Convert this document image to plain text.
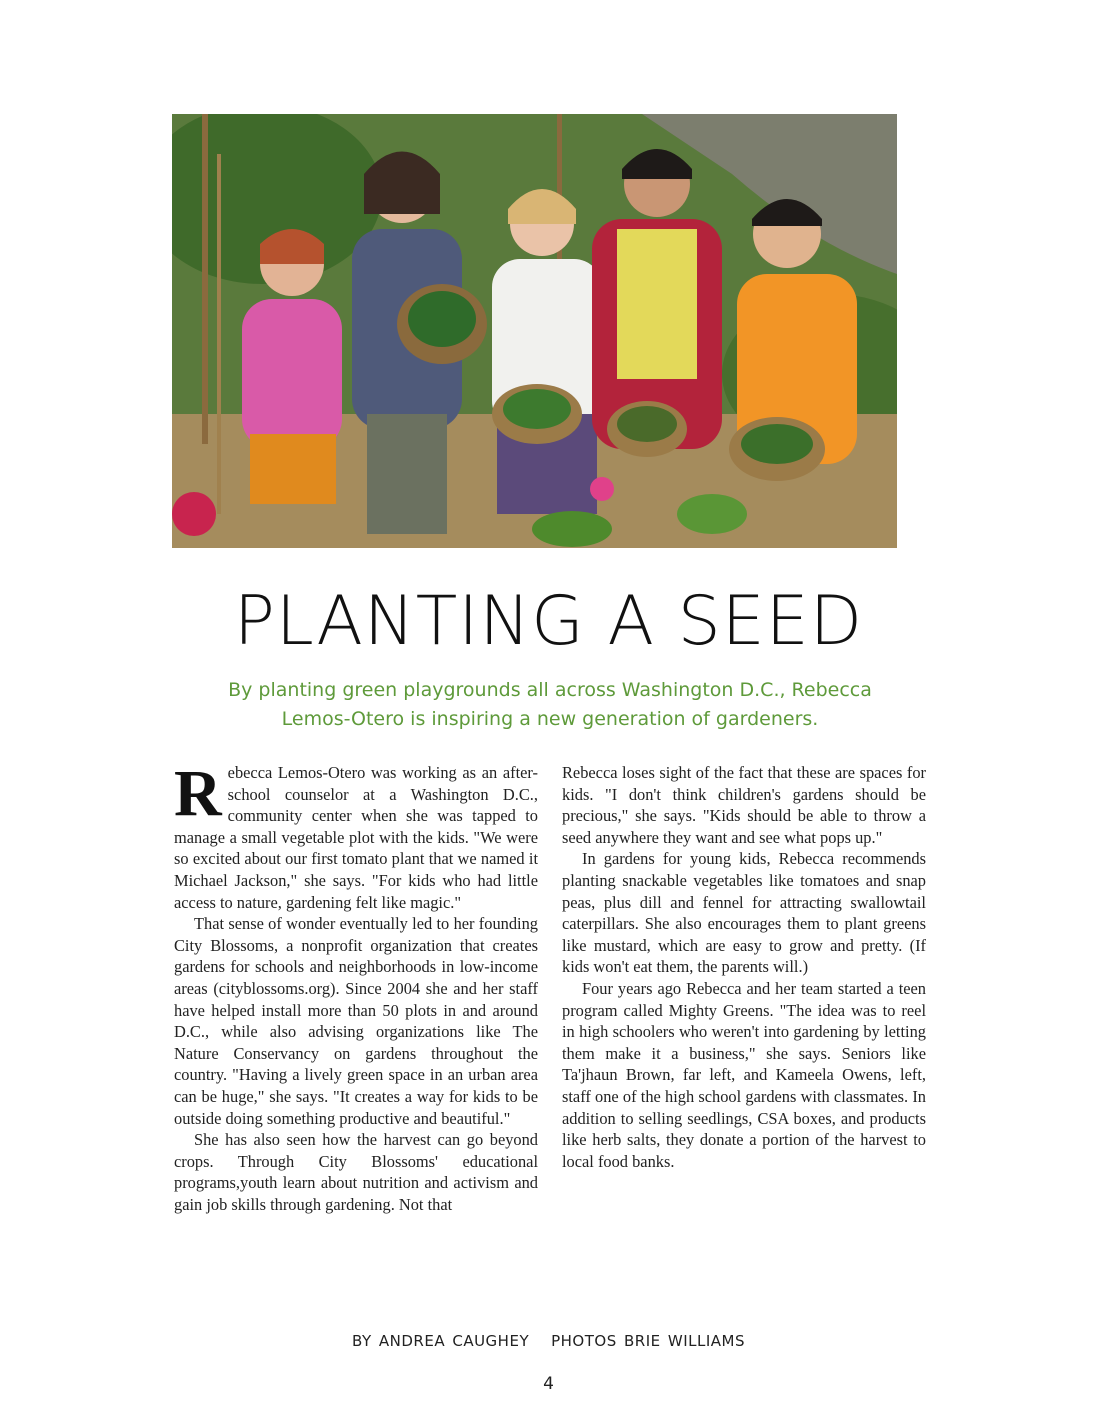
PLANTING A SEED
By planting green playgrounds all across Washington D.C., Rebecca Lemos-Otero is inspiring a new generation of gardeners.

Rebecca Lemos-Otero was working as an after-school counselor at a Washington D.C., community center when she was tapped to manage a small vegetable plot with the kids. "We were so excited about our first tomato plant that we named it Michael Jackson," she says. "For kids who had little access to nature, gardening felt like magic."

That sense of wonder eventually led to her founding City Blossoms, a nonprofit organization that creates gardens for schools and neighborhoods in low-income areas (cityblossoms.org). Since 2004 she and her staff have helped install more than 50 plots in and around D.C., while also advising organizations like The Nature Conservancy on gardens throughout the country. "Having a lively green space in an urban area can be huge," she says. "It creates a way for kids to be outside doing something productive and beautiful."

She has also seen how the harvest can go beyond crops. Through City Blossoms' educational programs,youth learn about nutrition and activism and gain job skills through gardening. Not that

Rebecca loses sight of the fact that these are spaces for kids. "I don't think children's gardens should be precious," she says. "Kids should be able to throw a seed anywhere they want and see what pops up."

In gardens for young kids, Rebecca recommends planting snackable vegetables like tomatoes and snap peas, plus dill and fennel for attracting swallowtail caterpillars. She also encourages them to plant greens like mustard, which are easy to grow and pretty. (If kids won't eat them, the parents will.)

Four years ago Rebecca and her team started a teen program called Mighty Greens. "The idea was to reel in high schoolers who weren't into gardening by letting them make it a business," she says. Seniors like Ta'jhaun Brown, far left, and Kameela Owens, left, staff one of the high school gardens with classmates. In addition to selling seedlings, CSA boxes, and products like herb salts, they donate a portion of the harvest to local food banks.

BY ANDREA CAUGHEY PHOTOS BRIE WILLIAMS
4
